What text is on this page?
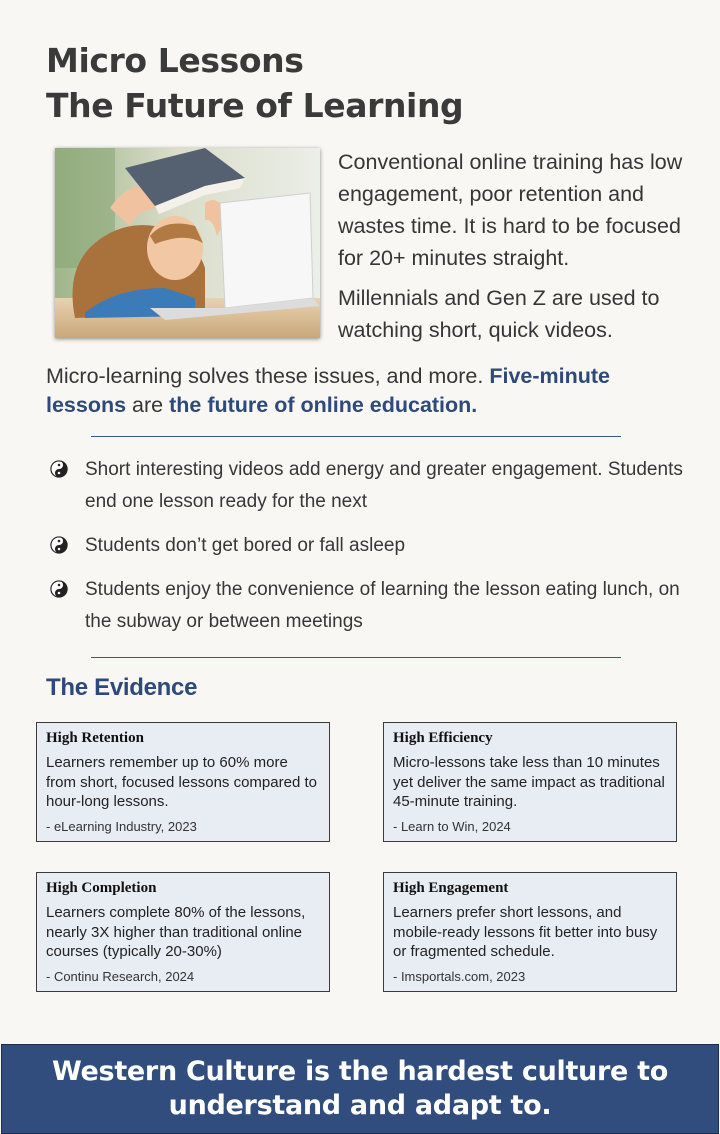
Micro Lessons
The Future of Learning

Conventional online training has low engagement, poor retention and wastes time. It is hard to be focused for 20+ minutes straight.

Millennials and Gen Z are used to watching short, quick videos.

Micro-learning solves these issues, and more. Five-minute lessons are the future of online education.
Short interesting videos add energy and greater engagement. Students end one lesson ready for the next
Students don’t get bored or fall asleep
Students enjoy the convenience of learning the lesson eating lunch, on the subway or between meetings
The Evidence
High Retention
Learners remember up to 60% more from short, focused lessons compared to hour-long lessons.
- eLearning Industry, 2023
High Efficiency
Micro-lessons take less than 10 minutes yet deliver the same impact as traditional 45-minute training.
- Learn to Win, 2024
High Completion
Learners complete 80% of the lessons, nearly 3X higher than traditional online courses (typically 20-30%)
- Continu Research, 2024
High Engagement
Learners prefer short lessons, and mobile-ready lessons fit better into busy or fragmented schedule.
- Imsportals.com, 2023
Western Culture is the hardest culture to understand and adapt to.
